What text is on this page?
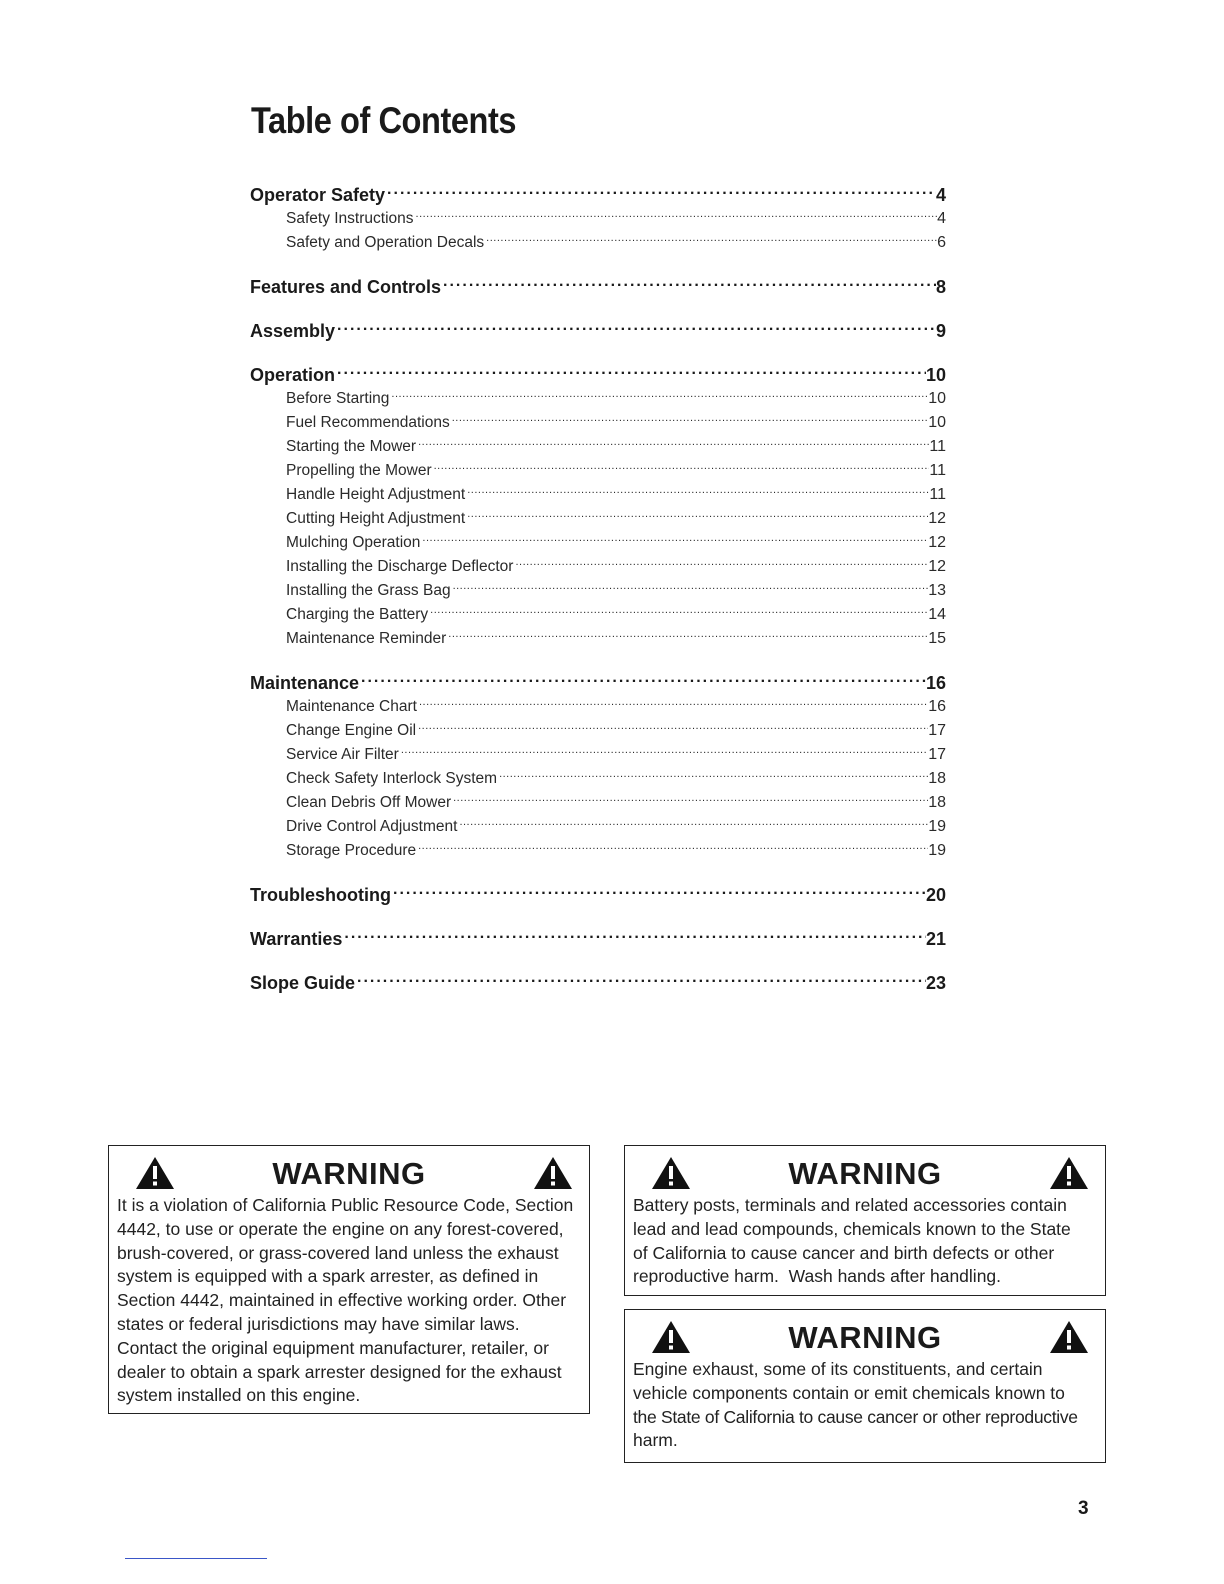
Table of Contents
Operator Safety .....	4
Safety Instructions .....	4
Safety and Operation Decals .....	6
Features and Controls .....	8
Assembly .....	9
Operation .....	10
Before Starting .....	10
Fuel Recommendations .....	10
Starting the Mower .....	11
Propelling the Mower .....	11
Handle Height Adjustment .....	11
Cutting Height Adjustment .....	12
Mulching Operation .....	12
Installing the Discharge Deflector .....	12
Installing the Grass Bag .....	13
Charging the Battery .....	14
Maintenance Reminder .....	15
Maintenance .....	16
Maintenance Chart .....	16
Change Engine Oil .....	17
Service Air Filter .....	17
Check Safety Interlock System .....	18
Clean Debris Off Mower .....	18
Drive Control Adjustment .....	19
Storage Procedure .....	19
Troubleshooting .....	20
Warranties .....	21
Slope Guide .....	23
WARNING
It is a violation of California Public Resource Code, Section
4442, to use or operate the engine on any forest-covered,
brush-covered, or grass-covered land unless the exhaust
system is equipped with a spark arrester, as defined in
Section 4442, maintained in effective working order. Other
states or federal jurisdictions may have similar laws.
Contact the original equipment manufacturer, retailer, or
dealer to obtain a spark arrester designed for the exhaust
system installed on this engine.
WARNING
Battery posts, terminals and related accessories contain
lead and lead compounds, chemicals known to the State
of California to cause cancer and birth defects or other
reproductive harm.  Wash hands after handling.
WARNING
Engine exhaust, some of its constituents, and certain
vehicle components contain or emit chemicals known to
the State of California to cause cancer or other reproductive
harm.
3
